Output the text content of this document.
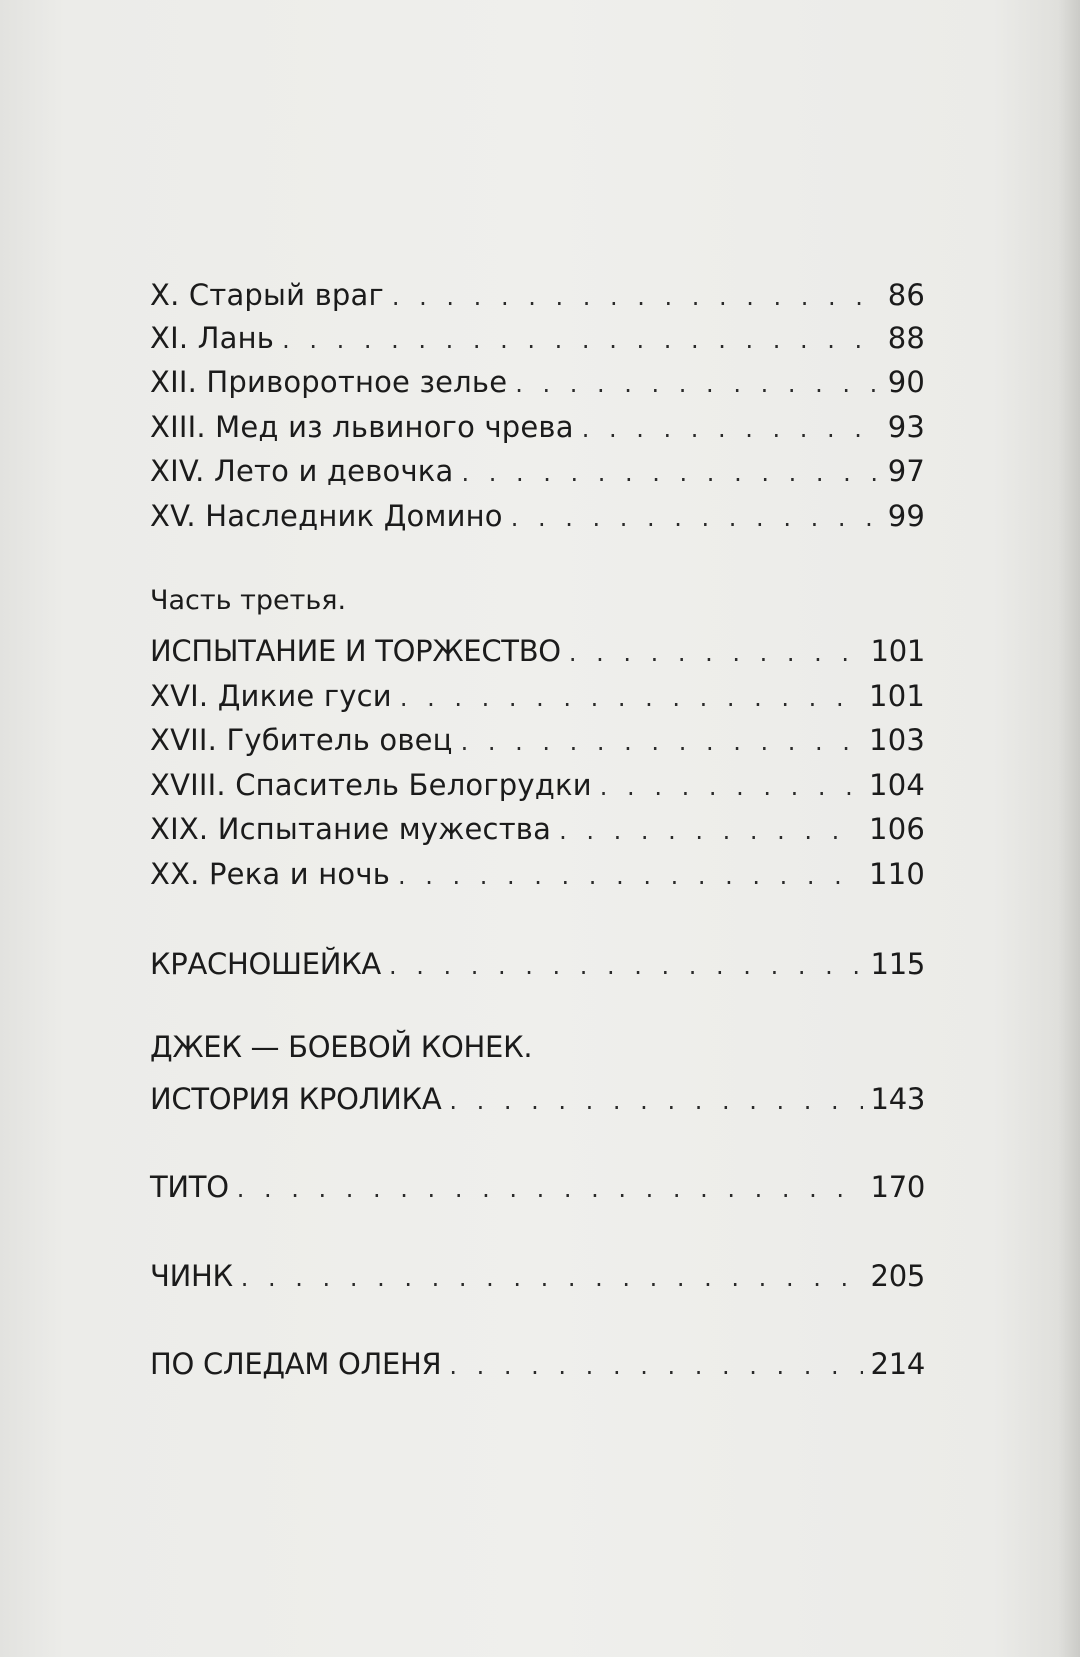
X. Старый враг . . .	86
XI. Лань . . .	88
XII. Приворотное зелье . . .	90
XIII. Мед из львиного чрева . . .	93
XIV. Лето и девочка . . .	97
XV. Наследник Домино . . .	99
Часть третья.
ИСПЫТАНИЕ И ТОРЖЕСТВО . . .	101
XVI. Дикие гуси . . .	101
XVII. Губитель овец . . .	103
XVIII. Спаситель Белогрудки . . .	104
XIX. Испытание мужества . . .	106
XX. Река и ночь . . .	110
КРАСНОШЕЙКА . . .	115
ДЖЕК — БОЕВОЙ КОНЕК.
ИСТОРИЯ КРОЛИКА . . .	143
ТИТО . . .	170
ЧИНК . . .	205
ПО СЛЕДАМ ОЛЕНЯ . . .	214
